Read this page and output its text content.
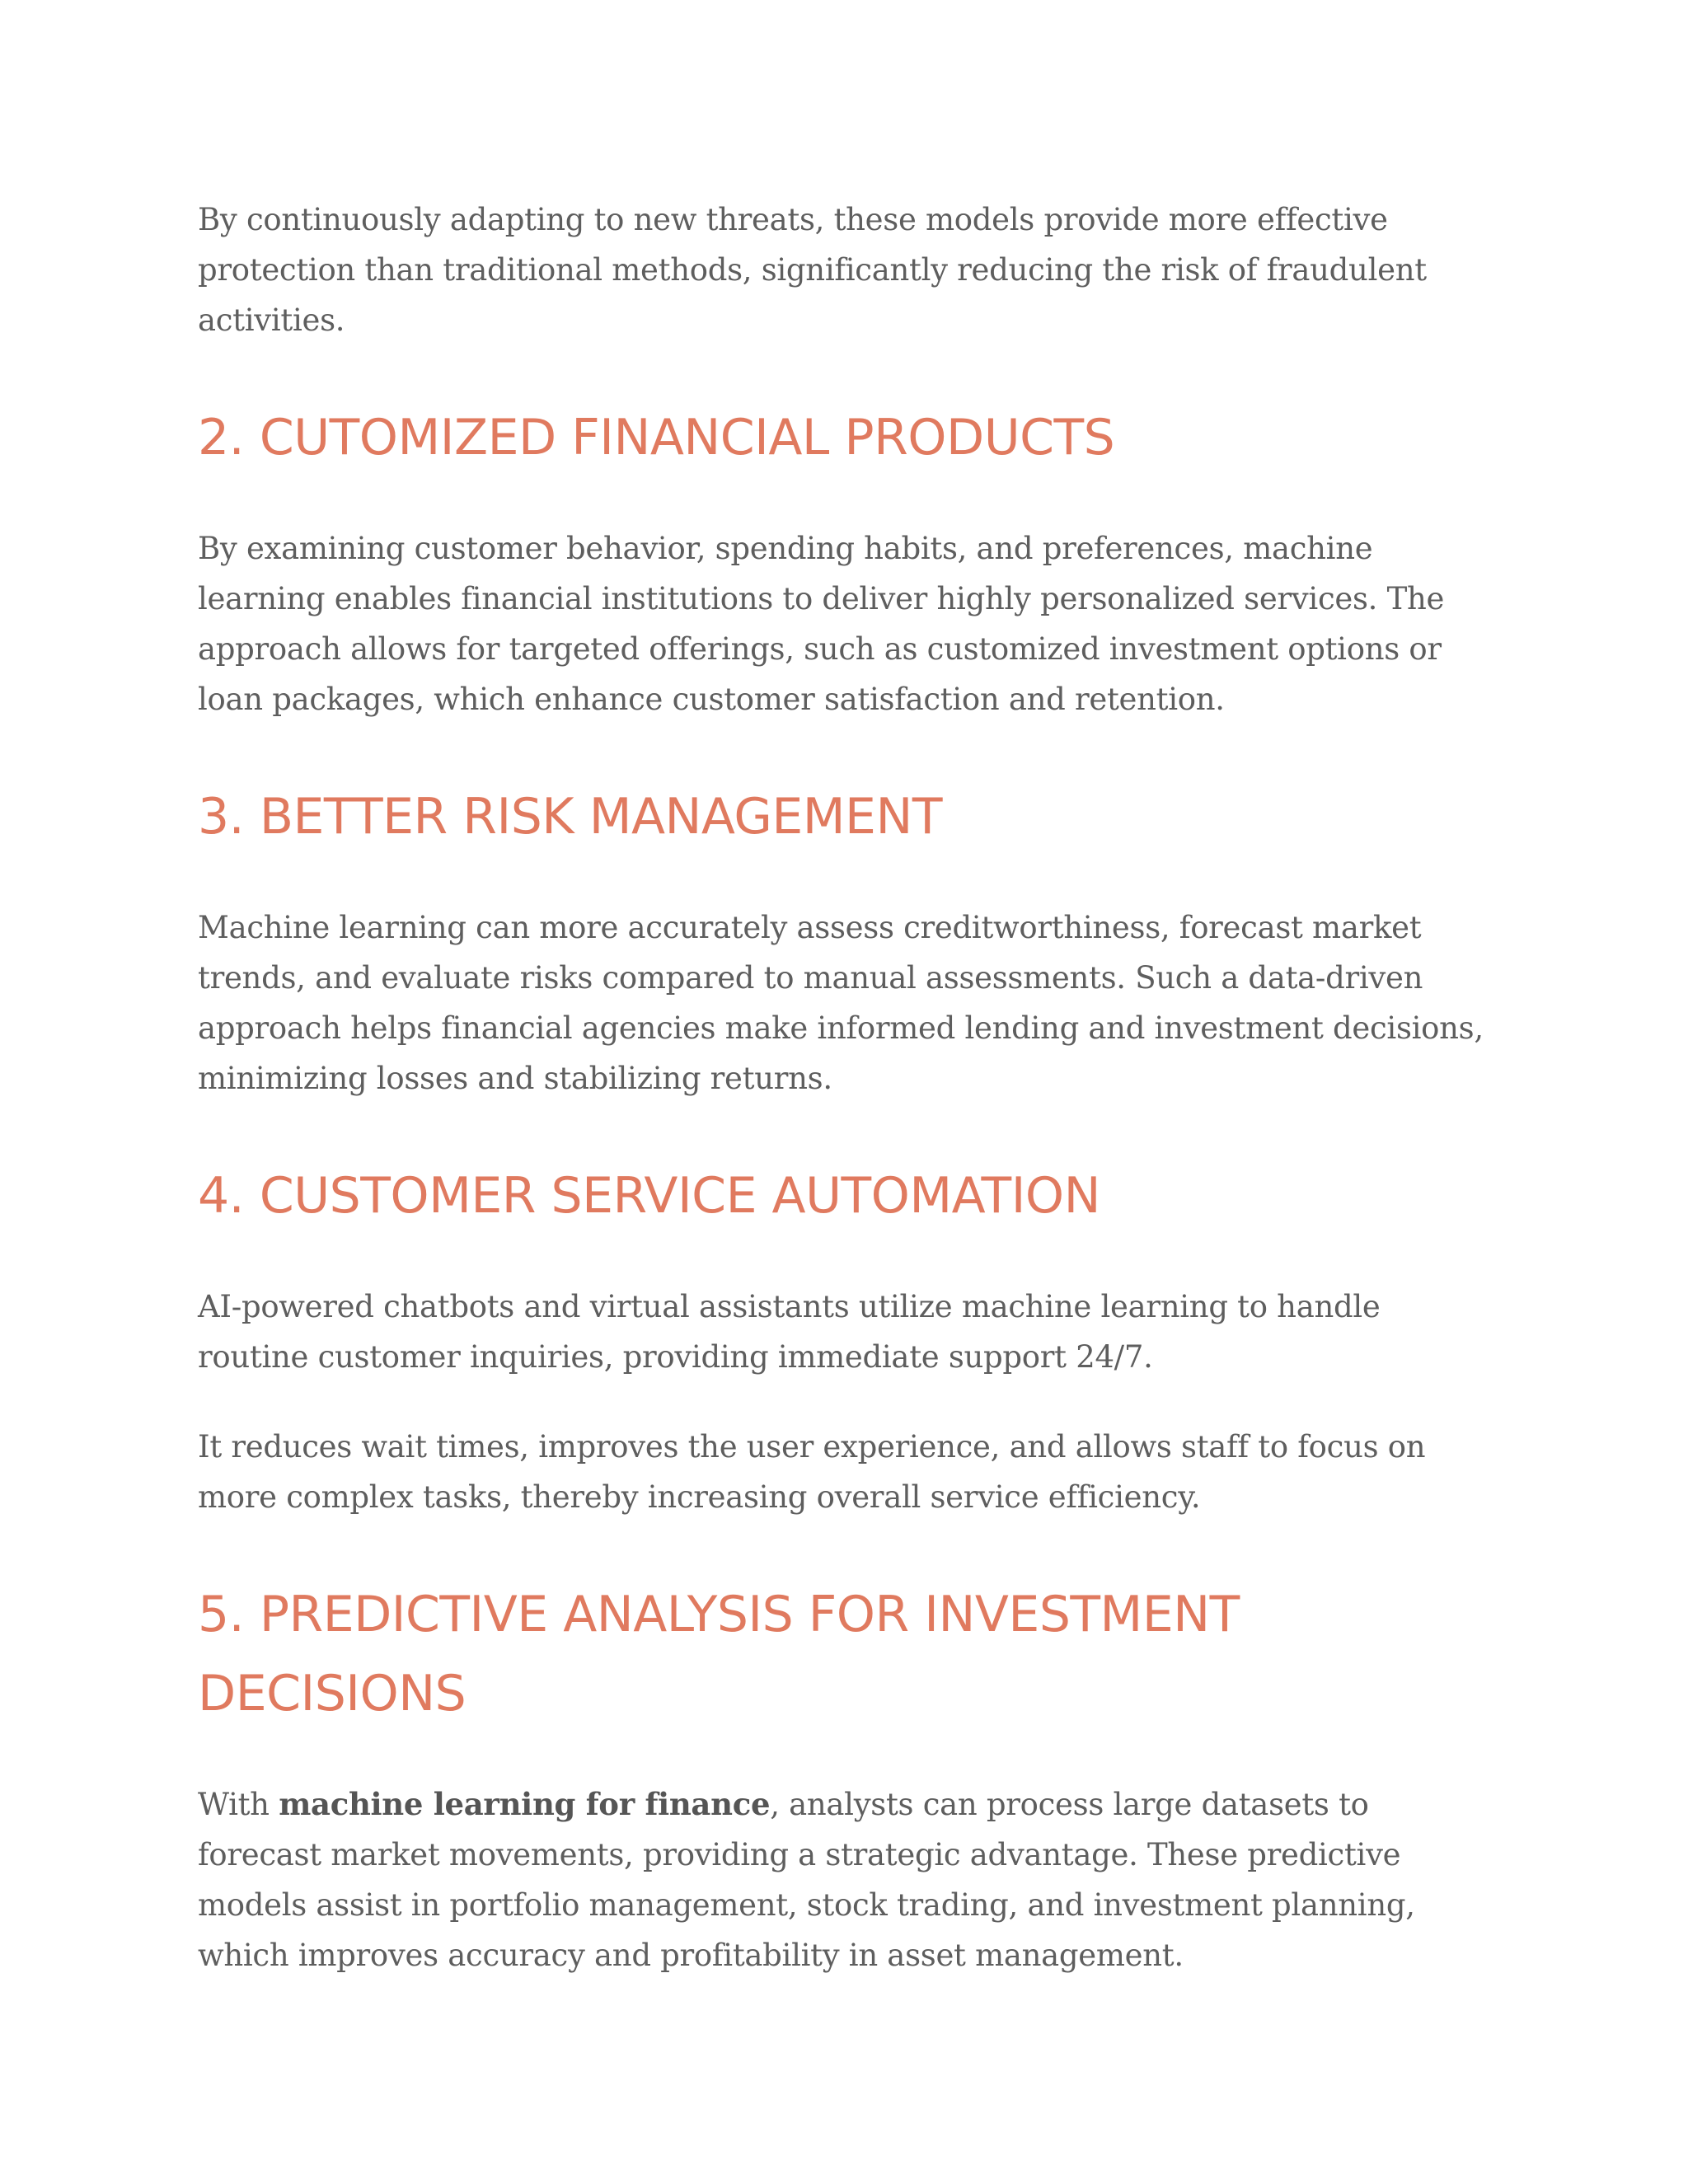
By continuously adapting to new threats, these models provide more effective protection than traditional methods, significantly reducing the risk of fraudulent activities.

2. CUTOMIZED FINANCIAL PRODUCTS

By examining customer behavior, spending habits, and preferences, machine learning enables financial institutions to deliver highly personalized services. The approach allows for targeted offerings, such as customized investment options or loan packages, which enhance customer satisfaction and retention.

3. BETTER RISK MANAGEMENT

Machine learning can more accurately assess creditworthiness, forecast market trends, and evaluate risks compared to manual assessments. Such a data-driven approach helps financial agencies make informed lending and investment decisions, minimizing losses and stabilizing returns.

4. CUSTOMER SERVICE AUTOMATION

AI-powered chatbots and virtual assistants utilize machine learning to handle routine customer inquiries, providing immediate support 24/7.

It reduces wait times, improves the user experience, and allows staff to focus on more complex tasks, thereby increasing overall service efficiency.

5. PREDICTIVE ANALYSIS FOR INVESTMENT DECISIONS

With machine learning for finance, analysts can process large datasets to forecast market movements, providing a strategic advantage. These predictive models assist in portfolio management, stock trading, and investment planning, which improves accuracy and profitability in asset management.
